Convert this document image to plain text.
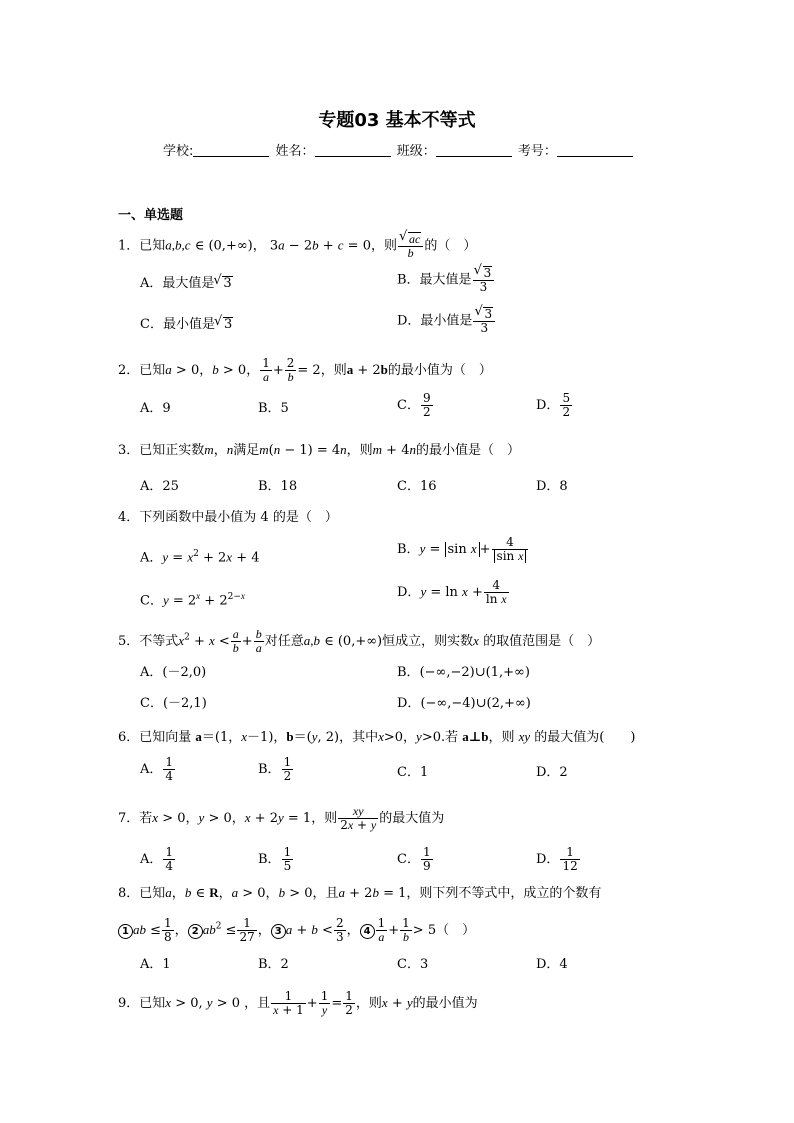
专题03 基本不等式
学校:	姓名：	班级：	考号：
一、单选题
1．已知a,b,c ∈ (0,+∞)， 3a − 2b + c = 0，则 √ $\frac{ac}{b}$ 的（　）
A．最大值是 √ 3	B．最大值是 √ $\frac{3}{3}$
C．最小值是 √ 3	D．最小值是 √ $\frac{3}{3}$
2．已知a > 0，b > 0， $\frac{1}{a} + \frac{2}{b} = 2$，则a + 2b的最小值为（　）
A．9	B．5	C． $\frac{9}{2}$	D． $\frac{5}{2}$
3．已知正实数m，n满足m(n − 1) = 4n，则m + 4n的最小值是（　）
A．25	B．18	C．16	D．8
4．下列函数中最小值为 4 的是（　）
A．$y = x^2 + 2x + 4$
B．$y = \sin x + \frac{4}{\text{sin x}}$
C．$y = 2^x + 2^{2-x}$	D．$y = \ln x + \frac{4}{\text{ln x}}$
5．不等式$x^2 + x < \frac{a}{b} + \frac{b}{a}$ 对任意a,b ∈ (0,+∞)恒成立，则实数x 的取值范围是（　）
A．(－2,0)	B．(−∞,−2)∪(1,+∞)
C．(－2,1)	D．(−∞,−4)∪(2,+∞)
6．已知向量 a＝(1，x－1)，b＝(y, 2)，其中x>0，y>0.若 a⊥b，则 xy 的最大值为(　　)
A． $\frac{1}{4}$	B． $\frac{1}{2}$	C．1	D．2
7．若x > 0，y > 0，x + 2y = 1，则 $\frac{xy}{2x + y}$ 的最大值为
A． $\frac{1}{4}$	B． $\frac{1}{5}$	C． $\frac{1}{9}$	D． $\frac{1}{12}$
8．已知a，b ∈ R，a > 0，b > 0，且a + 2b = 1，则下列不等式中，成立的个数有
1 ab ≤ $\frac{1}{8}$ ， 2 $ab^2 \le \frac{1}{27}$ ， 3 $a + b < \frac{2}{3}$ ， $4 \frac{1}{a} + \frac{1}{b} > 5$（　）
A．1	B．2	C．3	D．4
9．已知x > 0, y > 0 ，且 $\frac{1}{x + 1} + \frac{1}{y} = \frac{1}{2}$ ，则x + y的最小值为
